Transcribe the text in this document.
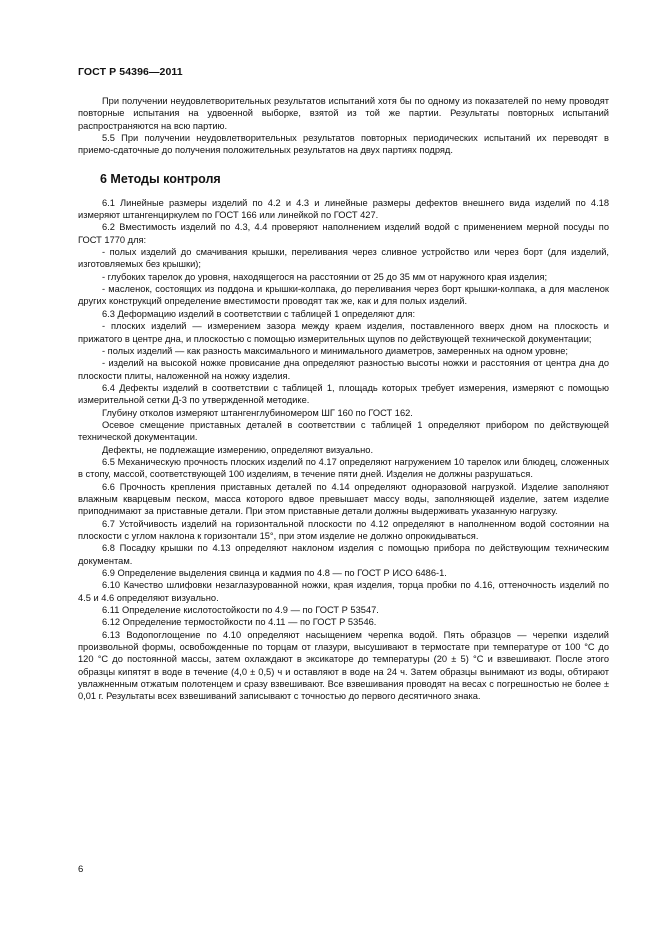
ГОСТ Р 54396—2011

При получении неудовлетворительных результатов испытаний хотя бы по одному из показателей по нему проводят повторные испытания на удвоенной выборке, взятой из той же партии. Результаты повторных испытаний распространяются на всю партию.

5.5 При получении неудовлетворительных результатов повторных периодических испытаний их переводят в приемо-сдаточные до получения положительных результатов на двух партиях подряд.

6 Методы контроля

6.1 Линейные размеры изделий по 4.2 и 4.3 и линейные размеры дефектов внешнего вида изделий по 4.18 измеряют штангенциркулем по ГОСТ 166 или линейкой по ГОСТ 427.

6.2 Вместимость изделий по 4.3, 4.4 проверяют наполнением изделий водой с применением мерной посуды по ГОСТ 1770 для:

- полых изделий до смачивания крышки, переливания через сливное устройство или через борт (для изделий, изготовляемых без крышки);

- глубоких тарелок до уровня, находящегося на расстоянии от 25 до 35 мм от наружного края изделия;

- масленок, состоящих из поддона и крышки-колпака, до переливания через борт крышки-колпака, а для масленок других конструкций определение вместимости проводят так же, как и для полых изделий.

6.3 Деформацию изделий в соответствии с таблицей 1 определяют для:

- плоских изделий — измерением зазора между краем изделия, поставленного вверх дном на плоскость и прижатого в центре дна, и плоскостью с помощью измерительных щупов по действующей технической документации;

- полых изделий — как разность максимального и минимального диаметров, замеренных на одном уровне;

- изделий на высокой ножке провисание дна определяют разностью высоты ножки и расстояния от центра дна до плоскости плиты, наложенной на ножку изделия.

6.4 Дефекты изделий в соответствии с таблицей 1, площадь которых требует измерения, измеряют с помощью измерительной сетки Д-3 по утвержденной методике.

Глубину отколов измеряют штангенглубиномером ШГ 160 по ГОСТ 162.

Осевое смещение приставных деталей в соответствии с таблицей 1 определяют прибором по действующей технической документации.

Дефекты, не подлежащие измерению, определяют визуально.

6.5 Механическую прочность плоских изделий по 4.17 определяют нагружением 10 тарелок или блюдец, сложенных в стопу, массой, соответствующей 100 изделиям, в течение пяти дней. Изделия не должны разрушаться.

6.6 Прочность крепления приставных деталей по 4.14 определяют одноразовой нагрузкой. Изделие заполняют влажным кварцевым песком, масса которого вдвое превышает массу воды, заполняющей изделие, затем изделие приподнимают за приставные детали. При этом приставные детали должны выдерживать указанную нагрузку.

6.7 Устойчивость изделий на горизонтальной плоскости по 4.12 определяют в наполненном водой состоянии на плоскости с углом наклона к горизонтали 15°, при этом изделие не должно опрокидываться.

6.8 Посадку крышки по 4.13 определяют наклоном изделия с помощью прибора по действующим техническим документам.

6.9 Определение выделения свинца и кадмия по 4.8 — по ГОСТ Р ИСО 6486-1.

6.10 Качество шлифовки незаглазурованной ножки, края изделия, торца пробки по 4.16, оттеночность изделий по 4.5 и 4.6 определяют визуально.

6.11 Определение кислотостойкости по 4.9 — по ГОСТ Р 53547.

6.12 Определение термостойкости по 4.11 — по ГОСТ Р 53546.

6.13 Водопоглощение по 4.10 определяют насыщением черепка водой. Пять образцов — черепки изделий произвольной формы, освобожденные по торцам от глазури, высушивают в термостате при температуре от 100 °С до 120 °С до постоянной массы, затем охлаждают в эксикаторе до температуры (20 ± 5) °С и взвешивают. После этого образцы кипятят в воде в течение (4,0 ± 0,5) ч и оставляют в воде на 24 ч. Затем образцы вынимают из воды, обтирают увлажненным отжатым полотенцем и сразу взвешивают. Все взвешивания проводят на весах с погрешностью не более ± 0,01 г. Результаты всех взвешиваний записывают с точностью до первого десятичного знака.

6
